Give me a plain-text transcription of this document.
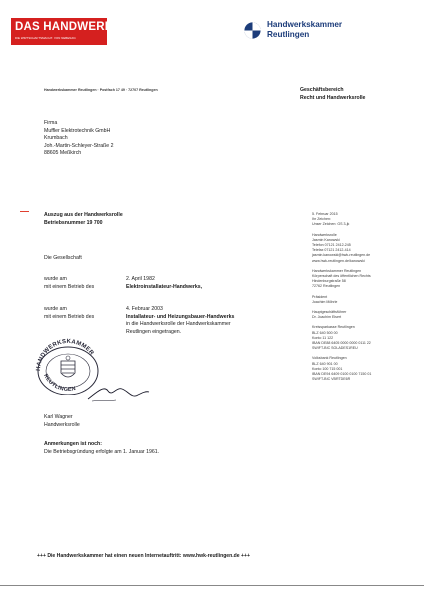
DAS HANDWERK
DIE WIRTSCHAFTSMACHT. VON NEBENAN.
Handwerkskammer
Reutlingen
Handwerkskammer Reutlingen · Postfach 17 49 · 72707 Reutlingen	Geschäftsbereich
Recht und Handwerksrolle
Firma
Muffler Elektrotechnik GmbH
Krumbach
Joh.-Martin-Schleyer-Straße 2
88605 Meßkirch
Auszug aus der Handwerksrolle
Betriebsnummer 19 700
Die Gesellschaft
wurde am
mit einem Betrieb des
2. April 1982
Elektroinstallateur-Handwerks,
wurde am
mit einem Betrieb des
4. Februar 2003
Installateur- und Heizungsbauer-Handwerks
in die Handwerksrolle der Handwerkskammer
Reutlingen eingetragen.
HANDWERKSKAMMER
REUTLINGEN
Karl Wagner
Handwerksrolle
Anmerkungen ist noch:
Die Betriebsgründung erfolgte am 1. Januar 1961.
5. Februar 2015
Ihr Zeichen:
Unser Zeichen: GS 3-jk
Handwerksrolle
Jasmin Kanowski
Telefon 07121 2412-245
Telefax 07121 2412-414
jasmin.kanowski@hwk-reutlingen.de
www.hwk-reutlingen.de/kanowski
Handwerkskammer Reutlingen
Körperschaft des öffentlichen Rechts
Hindenburgstraße 58
72762 Reutlingen
Präsident
Joachim Möhrle
Hauptgeschäftsführer
Dr. Joachim Eisert
Kreissparkasse Reutlingen
BLZ 640 500 00
Konto 11 122
IBAN DE88 6405 0000 0000 0111 22
SWIFT-BIC SOLADES1REU
Volksbank Reutlingen
BLZ 640 901 00
Konto 100 715 001
IBAN DE94 6409 0100 0100 7150 01
SWIFT-BIC VBRTDE6R
+++ Die Handwerkskammer hat einen neuen Internetauftritt: www.hwk-reutlingen.de +++
